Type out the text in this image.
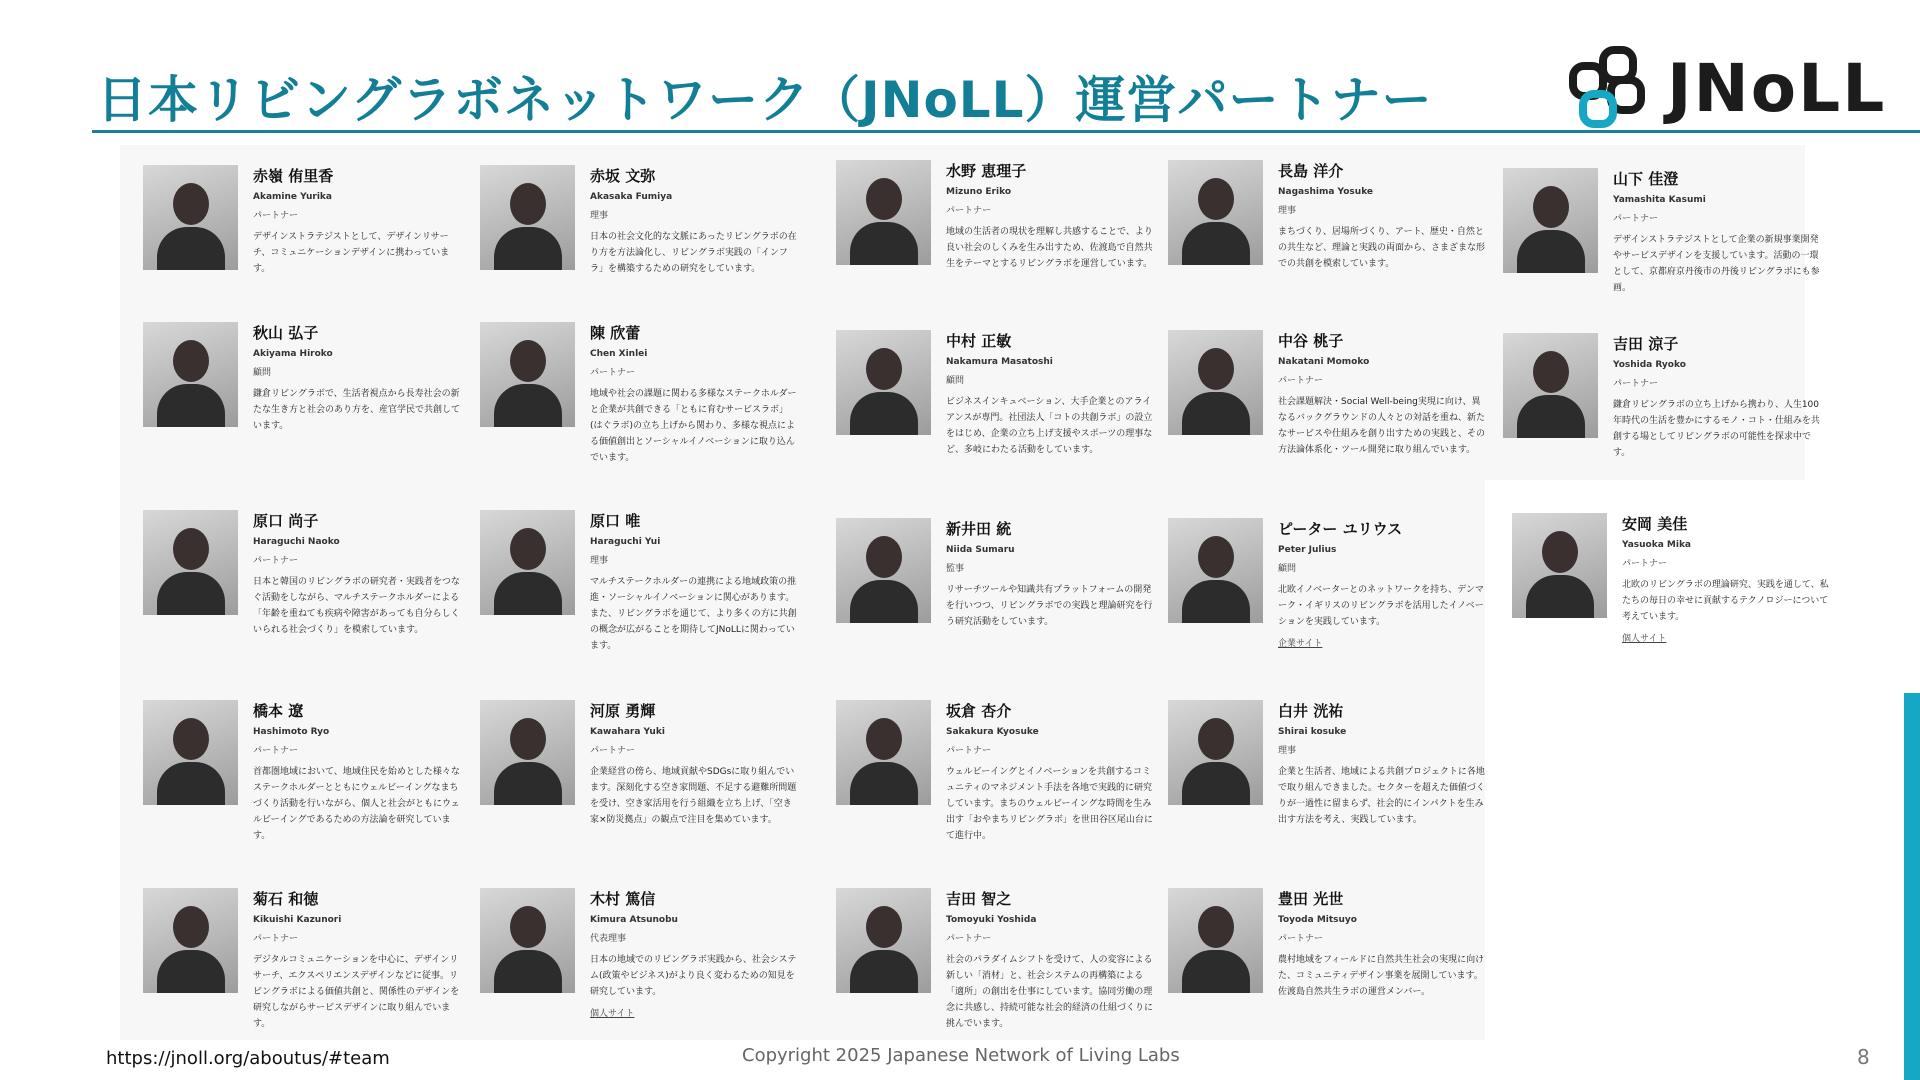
日本リビングラボネットワーク（JNoLL）運営パートナー	JNoLL
赤嶺 侑里香
Akamine Yurika
パートナー
デザインストラテジストとして、デザインリサーチ、コミュニケーションデザインに携わっています。
赤坂 文弥
Akasaka Fumiya
理事
日本の社会文化的な文脈にあったリビングラボの在り方を方法論化し、リビングラボ実践の「インフラ」を構築するための研究をしています。
水野 恵理子
Mizuno Eriko
パートナー
地域の生活者の現状を理解し共感することで、より良い社会のしくみを生み出すため、佐渡島で自然共生をテーマとするリビングラボを運営しています。
長島 洋介
Nagashima Yosuke
理事
まちづくり、居場所づくり、アート、歴史・自然との共生など、理論と実践の両面から、さまざまな形での共創を模索しています。
山下 佳澄
Yamashita Kasumi
パートナー
デザインストラテジストとして企業の新規事業開発やサービスデザインを支援しています。活動の一環として、京都府京丹後市の丹後リビングラボにも参画。
秋山 弘子
Akiyama Hiroko
顧問
鎌倉リビングラボで、生活者視点から長寿社会の新たな生き方と社会のあり方を、産官学民で共創しています。
陳 欣蕾
Chen Xinlei
パートナー
地域や社会の課題に関わる多様なステークホルダーと企業が共創できる「ともに育むサービスラボ」(はぐラボ)の立ち上げから関わり、多様な視点による価値創出とソーシャルイノベーションに取り込んでいます。
中村 正敏
Nakamura Masatoshi
顧問
ビジネスインキュベーション、大手企業とのアライアンスが専門。社団法人「コトの共創ラボ」の設立をはじめ、企業の立ち上げ支援やスポーツの理事など、多岐にわたる活動をしています。
中谷 桃子
Nakatani Momoko
パートナー
社会課題解決・Social Well-being実現に向け、異なるバックグラウンドの人々との対話を重ね、新たなサービスや仕組みを創り出すための実践と、その方法論体系化・ツール開発に取り組んでいます。
吉田 涼子
Yoshida Ryoko
パートナー
鎌倉リビングラボの立ち上げから携わり、人生100年時代の生活を豊かにするモノ・コト・仕組みを共創する場としてリビングラボの可能性を探求中です。
原口 尚子
Haraguchi Naoko
パートナー
日本と韓国のリビングラボの研究者・実践者をつなぐ活動をしながら、マルチステークホルダーによる「年齢を重ねても疾病や障害があっても自分らしくいられる社会づくり」を模索しています。
原口 唯
Haraguchi Yui
理事
マルチステークホルダーの連携による地域政策の推進・ソーシャルイノベーションに関心があります。また、リビングラボを通じて、より多くの方に共創の概念が広がることを期待してJNoLLに関わっています。
新井田 統
Niida Sumaru
監事
リサーチツールや知識共有プラットフォームの開発を行いつつ、リビングラボでの実践と理論研究を行う研究活動をしています。
ピーター ユリウス
Peter Julius
顧問
北欧イノベーターとのネットワークを持ち、デンマーク・イギリスのリビングラボを活用したイノベーションを実践しています。
企業サイト
安岡 美佳
Yasuoka Mika
パートナー
北欧のリビングラボの理論研究、実践を通して、私たちの毎日の幸せに貢献するテクノロジーについて考えています。
個人サイト
橋本 遼
Hashimoto Ryo
パートナー
首都圏地域において、地域住民を始めとした様々なステークホルダーとともにウェルビーイングなまちづくり活動を行いながら、個人と社会がともにウェルビーイングであるための方法論を研究しています。
河原 勇輝
Kawahara Yuki
パートナー
企業経営の傍ら、地域貢献やSDGsに取り組んでいます。深刻化する空き家問題、不足する避難所問題を受け、空き家活用を行う組織を立ち上げ、「空き家×防災拠点」の観点で注目を集めています。
坂倉 杏介
Sakakura Kyosuke
パートナー
ウェルビーイングとイノベーションを共創するコミュニティのマネジメント手法を各地で実践的に研究しています。まちのウェルビーイングな時間を生み出す「おやまちリビングラボ」を世田谷区尾山台にて進行中。
白井 洸祐
Shirai kosuke
理事
企業と生活者、地域による共創プロジェクトに各地で取り組んできました。セクターを超えた価値づくりが一過性に留まらず、社会的にインパクトを生み出す方法を考え、実践しています。
菊石 和徳
Kikuishi Kazunori
パートナー
デジタルコミュニケーションを中心に、デザインリサーチ、エクスペリエンスデザインなどに従事。リビングラボによる価値共創と、関係性のデザインを研究しながらサービスデザインに取り組んでいます。
木村 篤信
Kimura Atsunobu
代表理事
日本の地域でのリビングラボ実践から、社会システム(政策やビジネス)がより良く変わるための知見を研究しています。
個人サイト
吉田 智之
Tomoyuki Yoshida
パートナー
社会のパラダイムシフトを受けて、人の変容による新しい「消材」と、社会システムの再構築による「適所」の創出を仕事にしています。協同労働の理念に共感し、持続可能な社会的経済の仕組づくりに挑んでいます。
豊田 光世
Toyoda Mitsuyo
パートナー
農村地域をフィールドに自然共生社会の実現に向けた、コミュニティデザイン事業を展開しています。佐渡島自然共生ラボの運営メンバー。
https://jnoll.org/aboutus/#team	Copyright 2025 Japanese Network of Living Labs	8
